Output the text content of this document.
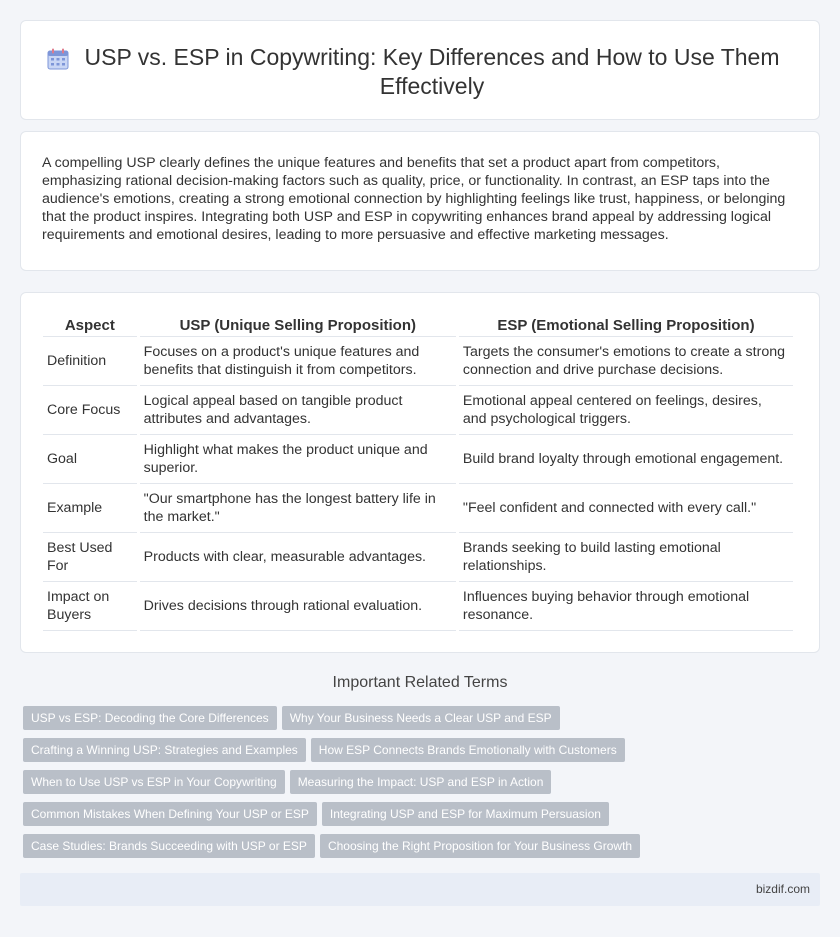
USP vs. ESP in Copywriting: Key Differences and How to Use Them Effectively

A compelling USP clearly defines the unique features and benefits that set a product apart from competitors, emphasizing rational decision-making factors such as quality, price, or functionality. In contrast, an ESP taps into the audience's emotions, creating a strong emotional connection by highlighting feelings like trust, happiness, or belonging that the product inspires. Integrating both USP and ESP in copywriting enhances brand appeal by addressing logical requirements and emotional desires, leading to more persuasive and effective marketing messages.

Aspect	USP (Unique Selling Proposition)	ESP (Emotional Selling Proposition)
Definition	Focuses on a product's unique features and benefits that distinguish it from competitors.	Targets the consumer's emotions to create a strong connection and drive purchase decisions.
Core Focus	Logical appeal based on tangible product attributes and advantages.	Emotional appeal centered on feelings, desires, and psychological triggers.
Goal	Highlight what makes the product unique and superior.	Build brand loyalty through emotional engagement.
Example	"Our smartphone has the longest battery life in the market."	"Feel confident and connected with every call."
Best Used For	Products with clear, measurable advantages.	Brands seeking to build lasting emotional relationships.
Impact on Buyers	Drives decisions through rational evaluation.	Influences buying behavior through emotional resonance.
Important Related Terms
USP vs ESP: Decoding the Core Differences Why Your Business Needs a Clear USP and ESP
Crafting a Winning USP: Strategies and Examples How ESP Connects Brands Emotionally with Customers
When to Use USP vs ESP in Your Copywriting Measuring the Impact: USP and ESP in Action
Common Mistakes When Defining Your USP or ESP Integrating USP and ESP for Maximum Persuasion
Case Studies: Brands Succeeding with USP or ESP Choosing the Right Proposition for Your Business Growth
bizdif.com
